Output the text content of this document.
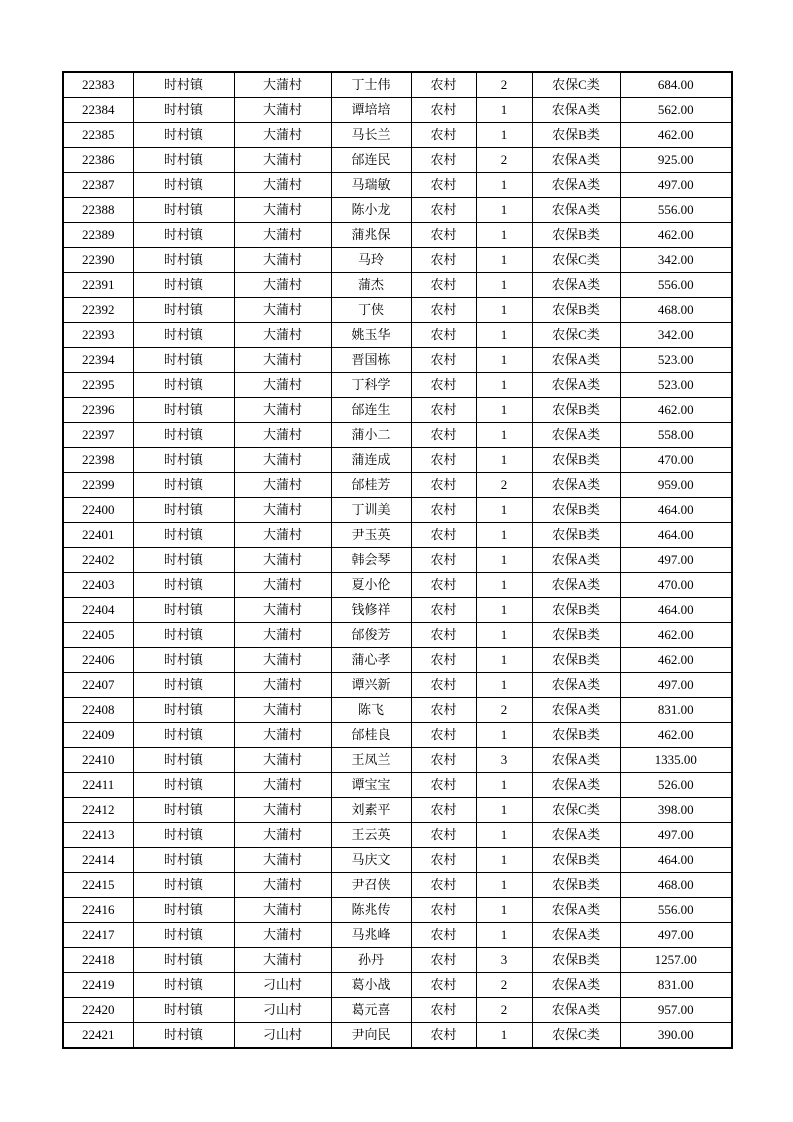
22383	时村镇	大蒲村	丁士伟	农村	2	农保C类	684.00
22384	时村镇	大蒲村	谭培培	农村	1	农保A类	562.00
22385	时村镇	大蒲村	马长兰	农村	1	农保B类	462.00
22386	时村镇	大蒲村	邰连民	农村	2	农保A类	925.00
22387	时村镇	大蒲村	马瑞敏	农村	1	农保A类	497.00
22388	时村镇	大蒲村	陈小龙	农村	1	农保A类	556.00
22389	时村镇	大蒲村	蒲兆保	农村	1	农保B类	462.00
22390	时村镇	大蒲村	马玲	农村	1	农保C类	342.00
22391	时村镇	大蒲村	蒲杰	农村	1	农保A类	556.00
22392	时村镇	大蒲村	丁侠	农村	1	农保B类	468.00
22393	时村镇	大蒲村	姚玉华	农村	1	农保C类	342.00
22394	时村镇	大蒲村	晋国栋	农村	1	农保A类	523.00
22395	时村镇	大蒲村	丁科学	农村	1	农保A类	523.00
22396	时村镇	大蒲村	邰连生	农村	1	农保B类	462.00
22397	时村镇	大蒲村	蒲小二	农村	1	农保A类	558.00
22398	时村镇	大蒲村	蒲连成	农村	1	农保B类	470.00
22399	时村镇	大蒲村	邰桂芳	农村	2	农保A类	959.00
22400	时村镇	大蒲村	丁训美	农村	1	农保B类	464.00
22401	时村镇	大蒲村	尹玉英	农村	1	农保B类	464.00
22402	时村镇	大蒲村	韩会琴	农村	1	农保A类	497.00
22403	时村镇	大蒲村	夏小伦	农村	1	农保A类	470.00
22404	时村镇	大蒲村	钱修祥	农村	1	农保B类	464.00
22405	时村镇	大蒲村	邰俊芳	农村	1	农保B类	462.00
22406	时村镇	大蒲村	蒲心孝	农村	1	农保B类	462.00
22407	时村镇	大蒲村	谭兴新	农村	1	农保A类	497.00
22408	时村镇	大蒲村	陈飞	农村	2	农保A类	831.00
22409	时村镇	大蒲村	邰桂良	农村	1	农保B类	462.00
22410	时村镇	大蒲村	王凤兰	农村	3	农保A类	1335.00
22411	时村镇	大蒲村	谭宝宝	农村	1	农保A类	526.00
22412	时村镇	大蒲村	刘素平	农村	1	农保C类	398.00
22413	时村镇	大蒲村	王云英	农村	1	农保A类	497.00
22414	时村镇	大蒲村	马庆文	农村	1	农保B类	464.00
22415	时村镇	大蒲村	尹召侠	农村	1	农保B类	468.00
22416	时村镇	大蒲村	陈兆传	农村	1	农保A类	556.00
22417	时村镇	大蒲村	马兆峰	农村	1	农保A类	497.00
22418	时村镇	大蒲村	孙丹	农村	3	农保B类	1257.00
22419	时村镇	刁山村	葛小战	农村	2	农保A类	831.00
22420	时村镇	刁山村	葛元喜	农村	2	农保A类	957.00
22421	时村镇	刁山村	尹向民	农村	1	农保C类	390.00
